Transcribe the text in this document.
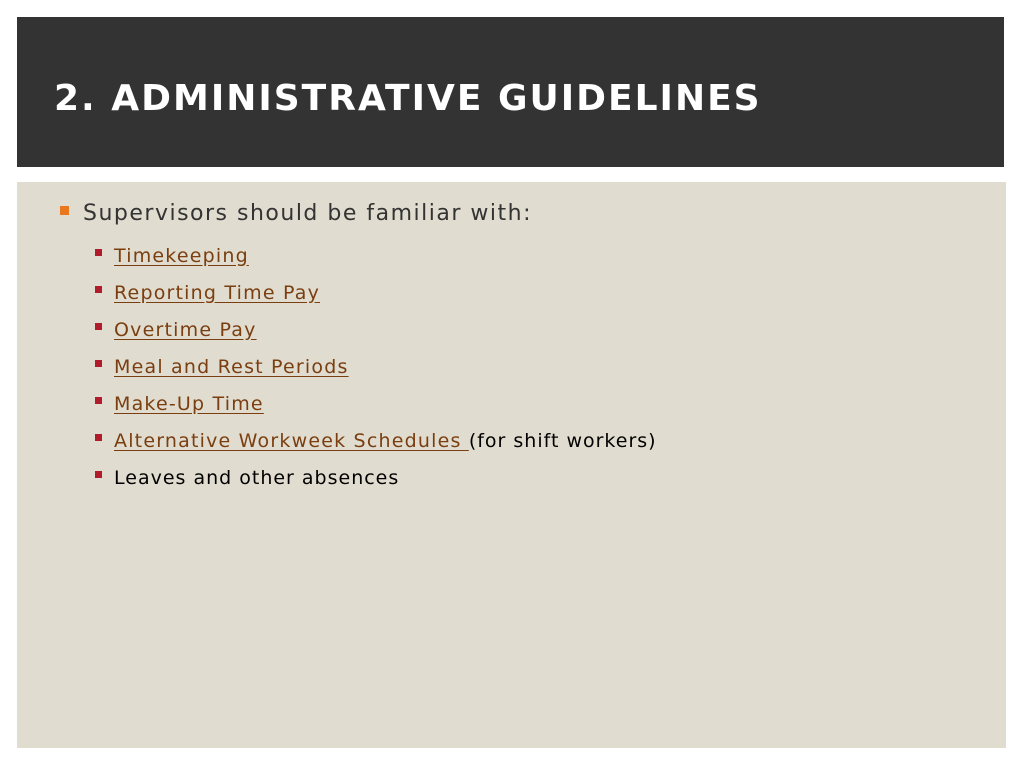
2. ADMINISTRATIVE GUIDELINES
Supervisors should be familiar with:
Timekeeping
Reporting Time Pay
Overtime Pay
Meal and Rest Periods
Make-Up Time
Alternative Workweek Schedules (for shift workers)
Leaves and other absences
